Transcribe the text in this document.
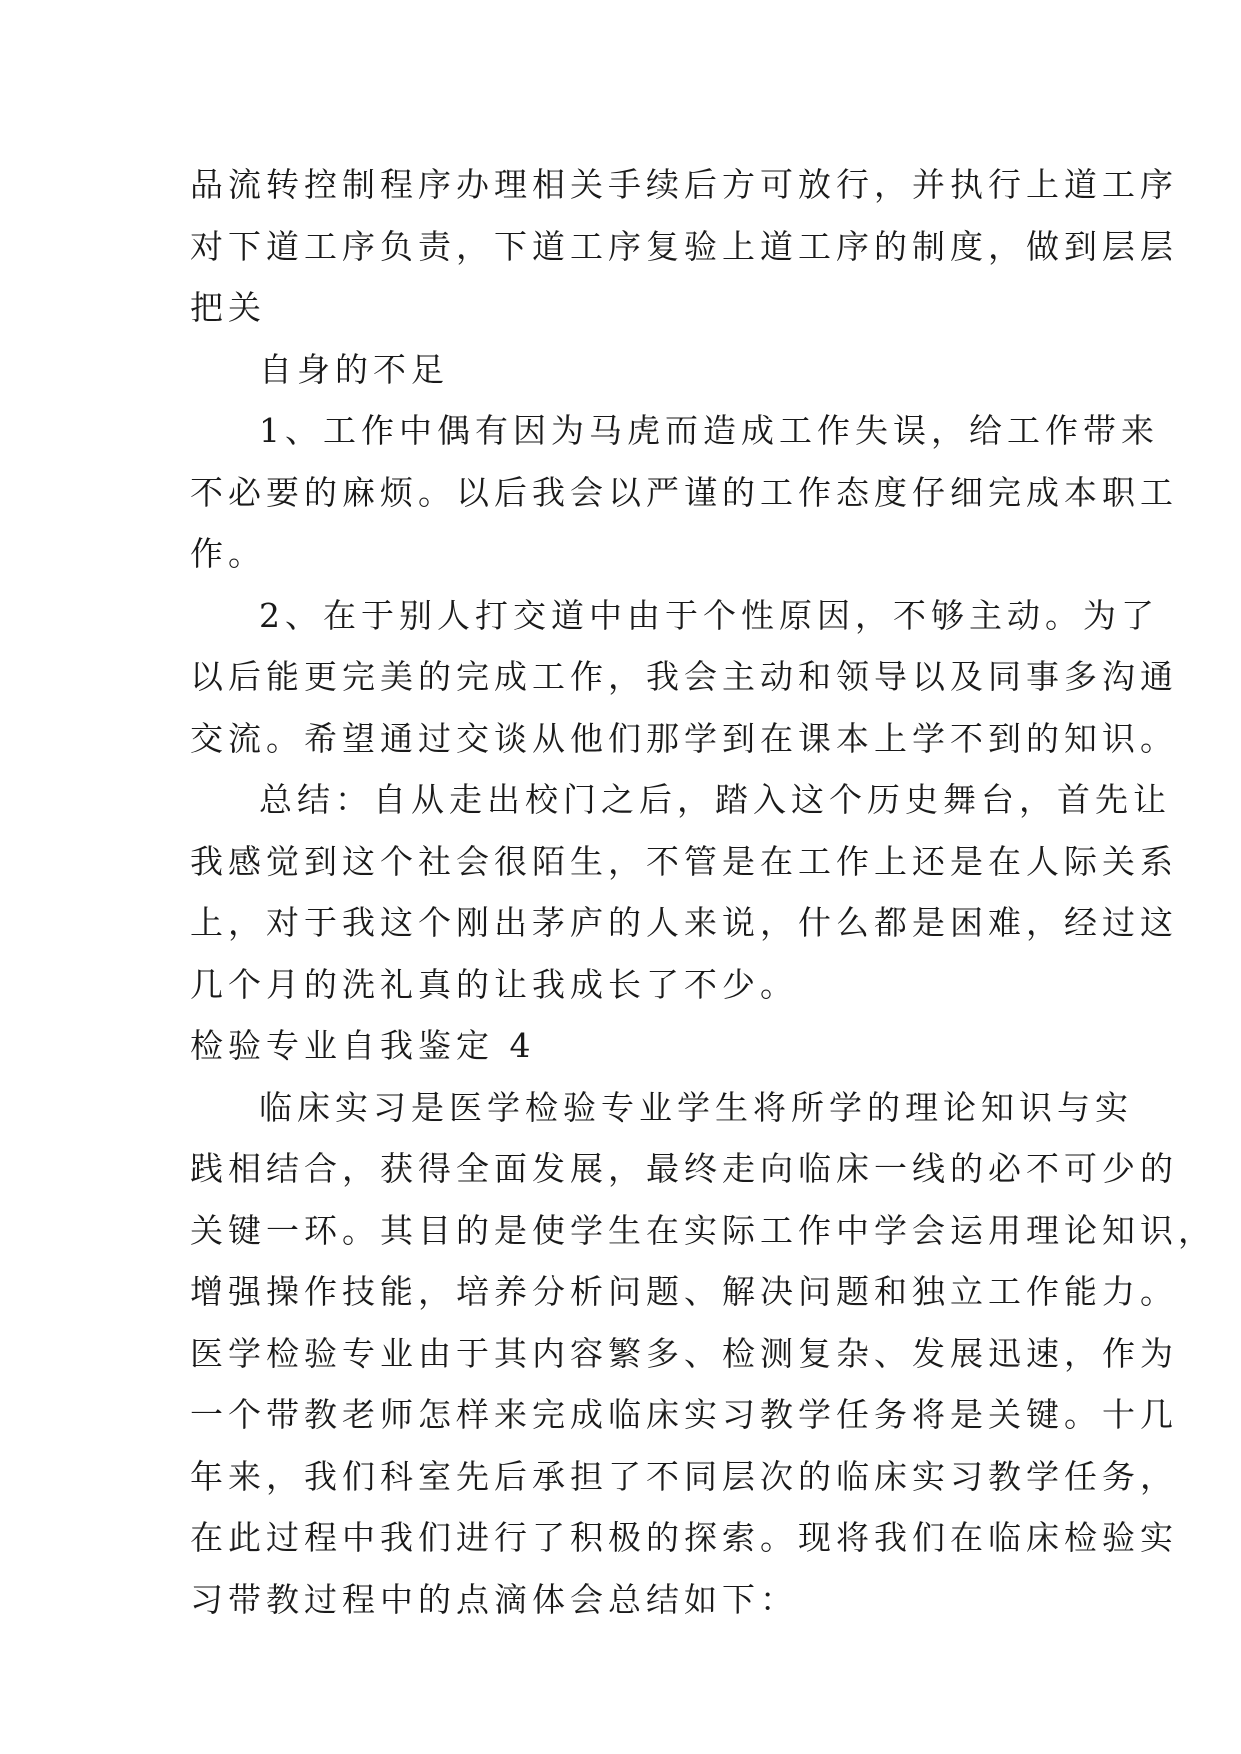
品流转控制程序办理相关手续后方可放行，并执行上道工序
对下道工序负责，下道工序复验上道工序的制度，做到层层
把关
自身的不足
1、工作中偶有因为马虎而造成工作失误，给工作带来
不必要的麻烦。以后我会以严谨的工作态度仔细完成本职工
作。
2、在于别人打交道中由于个性原因，不够主动。为了
以后能更完美的完成工作，我会主动和领导以及同事多沟通
交流。希望通过交谈从他们那学到在课本上学不到的知识。
总结：自从走出校门之后，踏入这个历史舞台，首先让
我感觉到这个社会很陌生，不管是在工作上还是在人际关系
上，对于我这个刚出茅庐的人来说，什么都是困难，经过这
几个月的洗礼真的让我成长了不少。
检验专业自我鉴定 4
临床实习是医学检验专业学生将所学的理论知识与实
践相结合，获得全面发展，最终走向临床一线的必不可少的
关键一环。其目的是使学生在实际工作中学会运用理论知识，
增强操作技能，培养分析问题、解决问题和独立工作能力。
医学检验专业由于其内容繁多、检测复杂、发展迅速，作为
一个带教老师怎样来完成临床实习教学任务将是关键。十几
年来，我们科室先后承担了不同层次的临床实习教学任务，
在此过程中我们进行了积极的探索。现将我们在临床检验实
习带教过程中的点滴体会总结如下：
